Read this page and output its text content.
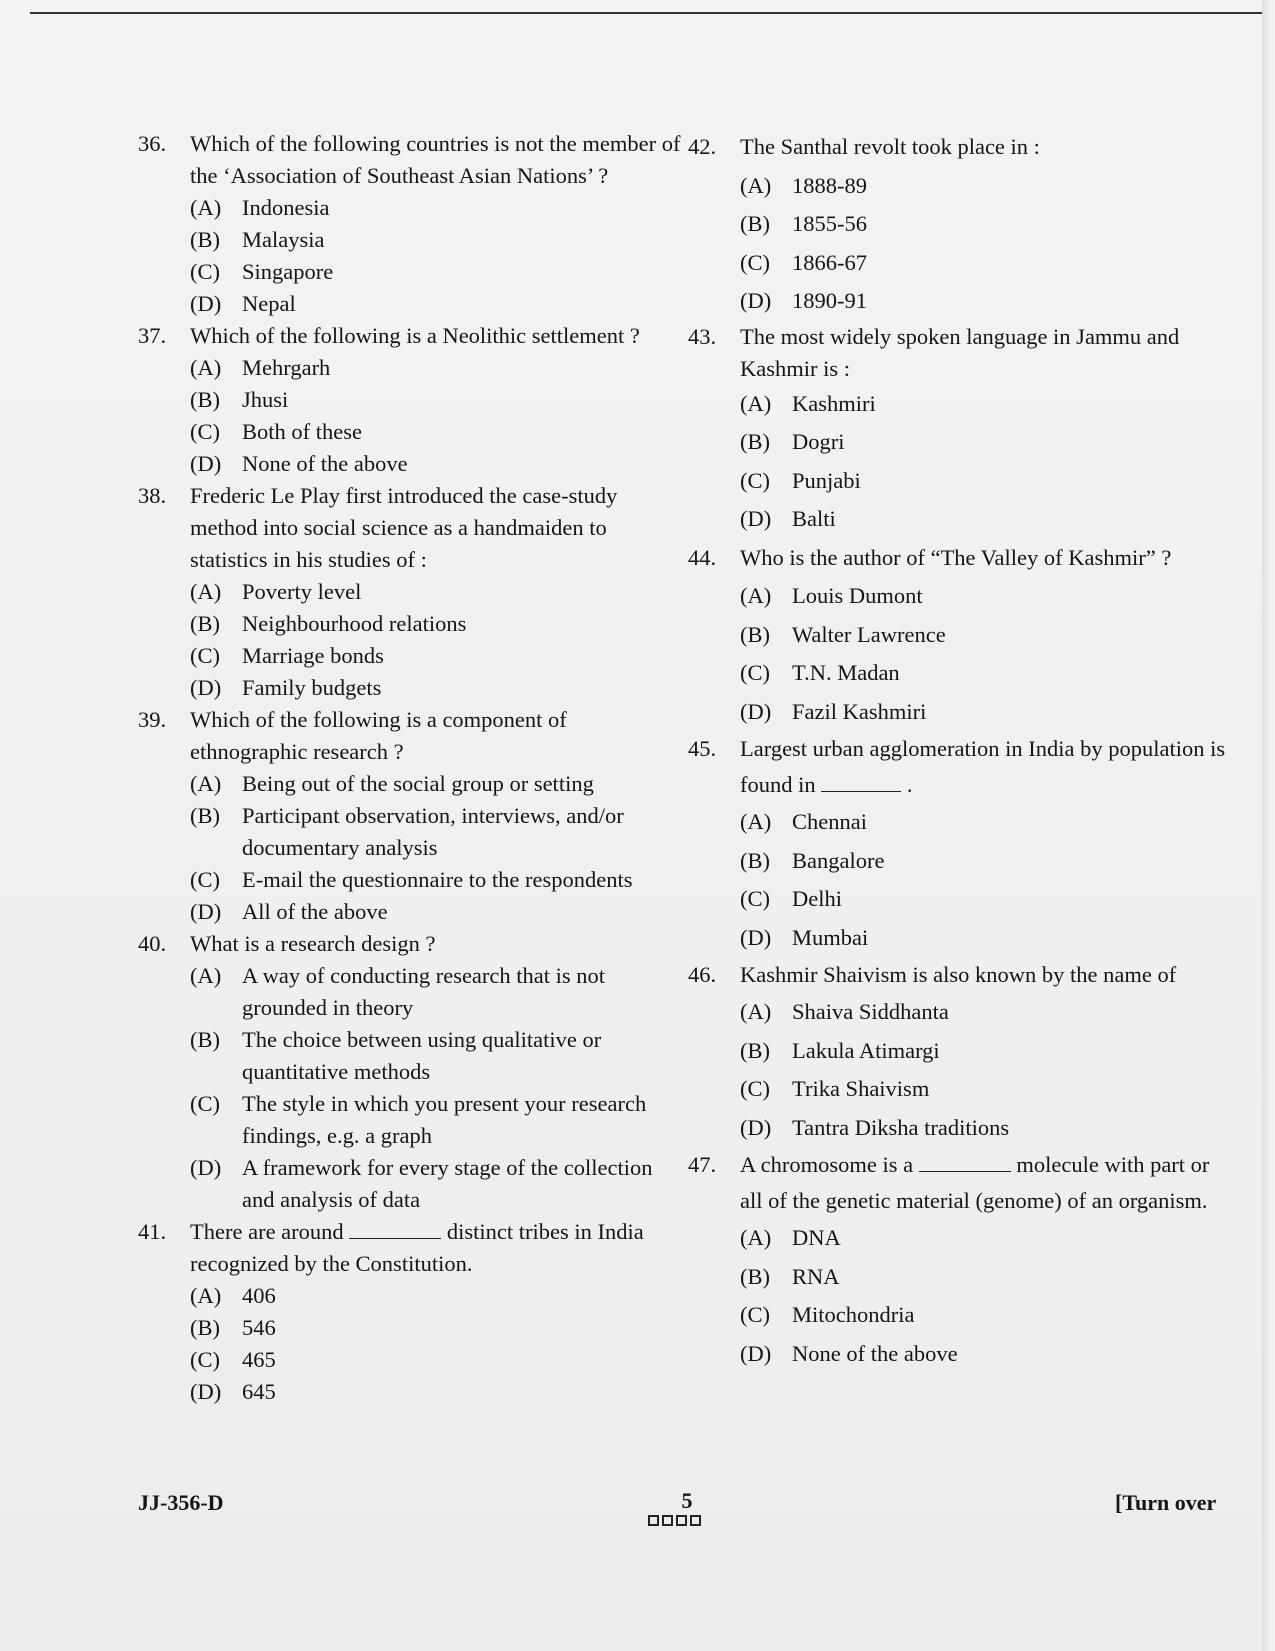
36.	Which of the following countries is not the member of the ‘Association of Southeast Asian Nations’ ?
(A) Indonesia
(B) Malaysia
(C) Singapore
(D) Nepal
37.	Which of the following is a Neolithic settlement ?
(A) Mehrgarh
(B) Jhusi
(C) Both of these
(D) None of the above
38.	Frederic Le Play first introduced the case-study method into social science as a handmaiden to statistics in his studies of :
(A) Poverty level
(B) Neighbourhood relations
(C) Marriage bonds
(D) Family budgets
39.	Which of the following is a component of ethnographic research ?
(A) Being out of the social group or setting
(B) Participant observation, interviews, and/or documentary analysis
(C) E-mail the questionnaire to the respondents
(D) All of the above
40.	What is a research design ?
(A) A way of conducting research that is not grounded in theory
(B) The choice between using qualitative or quantitative methods
(C) The style in which you present your research findings, e.g. a graph
(D) A framework for every stage of the collection and analysis of data
41.	There are around	distinct tribes in India recognized by the Constitution.
(A) 406
(B) 546
(C) 465
(D) 645
42.	The Santhal revolt took place in :
(A) 1888-89
(B) 1855-56
(C) 1866-67
(D) 1890-91
43.	The most widely spoken language in Jammu and Kashmir is :
(A) Kashmiri
(B) Dogri
(C) Punjabi
(D) Balti
44.	Who is the author of “The Valley of Kashmir” ?
(A) Louis Dumont
(B) Walter Lawrence
(C) T.N. Madan
(D) Fazil Kashmiri
45.	Largest urban agglomeration in India by population is found in	.
(A) Chennai
(B) Bangalore
(C) Delhi
(D) Mumbai
46.	Kashmir Shaivism is also known by the name of
(A) Shaiva Siddhanta
(B) Lakula Atimargi
(C) Trika Shaivism
(D) Tantra Diksha traditions
47.	A chromosome is a	molecule with part or all of the genetic material (genome) of an organism.
(A) DNA
(B) RNA
(C) Mitochondria
(D) None of the above
JJ-356-D	5	[Turn over
